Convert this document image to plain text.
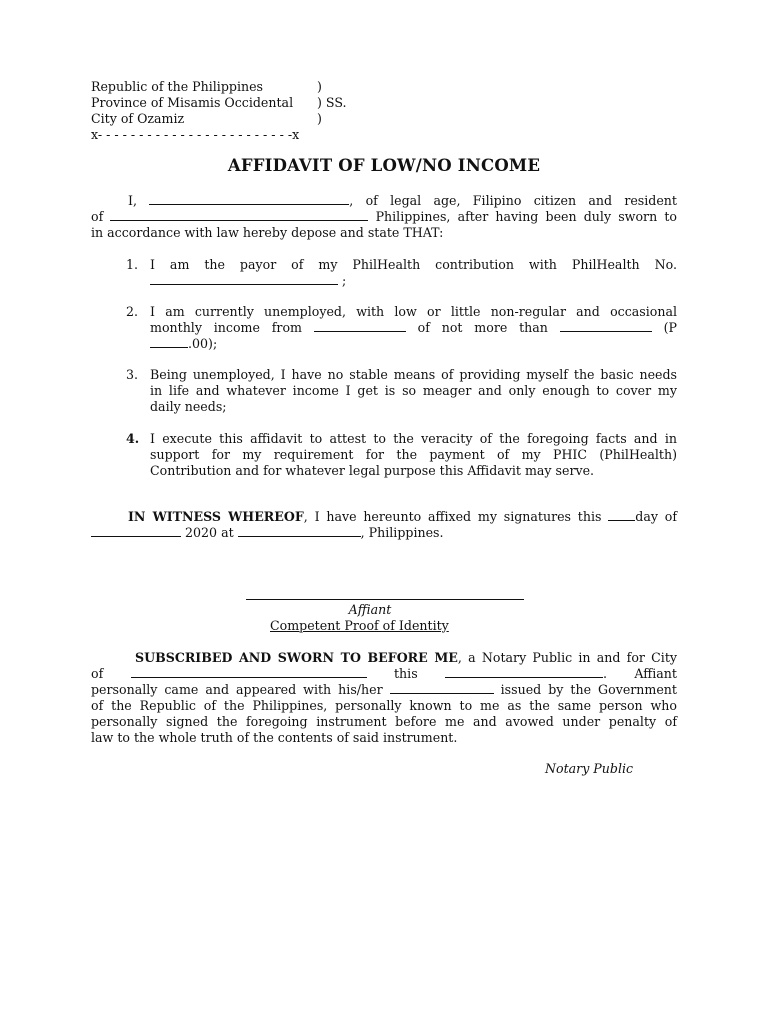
Republic of the Philippines	)
Province of Misamis Occidental	) SS.
City of Ozamiz	)
x- - - - - - - - - - - - - - - - - - - - - - - -x
AFFIDAVIT OF LOW/NO INCOME
I,	, of legal age, Filipino citizen and resident
of	Philippines, after having been duly sworn to
in accordance with law hereby depose and state THAT:
1. I am the payor of my PhilHealth contribution with PhilHealth No.
;
2. I am currently unemployed, with low or little non-regular and occasional
monthly income from	of not more than	(P
.00);
3. Being unemployed, I have no stable means of providing myself the basic needs
in life and whatever income I get is so meager and only enough to cover my
daily needs;
4. I execute this affidavit to attest to the veracity of the foregoing facts and in
support for my requirement for the payment of my PHIC (PhilHealth)
Contribution and for whatever legal purpose this Affidavit may serve.
IN WITNESS WHEREOF, I have hereunto affixed my signatures this	day of
2020 at	, Philippines.
Affiant
Competent Proof of Identity
SUBSCRIBED AND SWORN TO BEFORE ME, a Notary Public in and for City
of	this	. Affiant
personally came and appeared with his/her	issued by the Government
of the Republic of the Philippines, personally known to me as the same person who
personally signed the foregoing instrument before me and avowed under penalty of
law to the whole truth of the contents of said instrument.
Notary Public
